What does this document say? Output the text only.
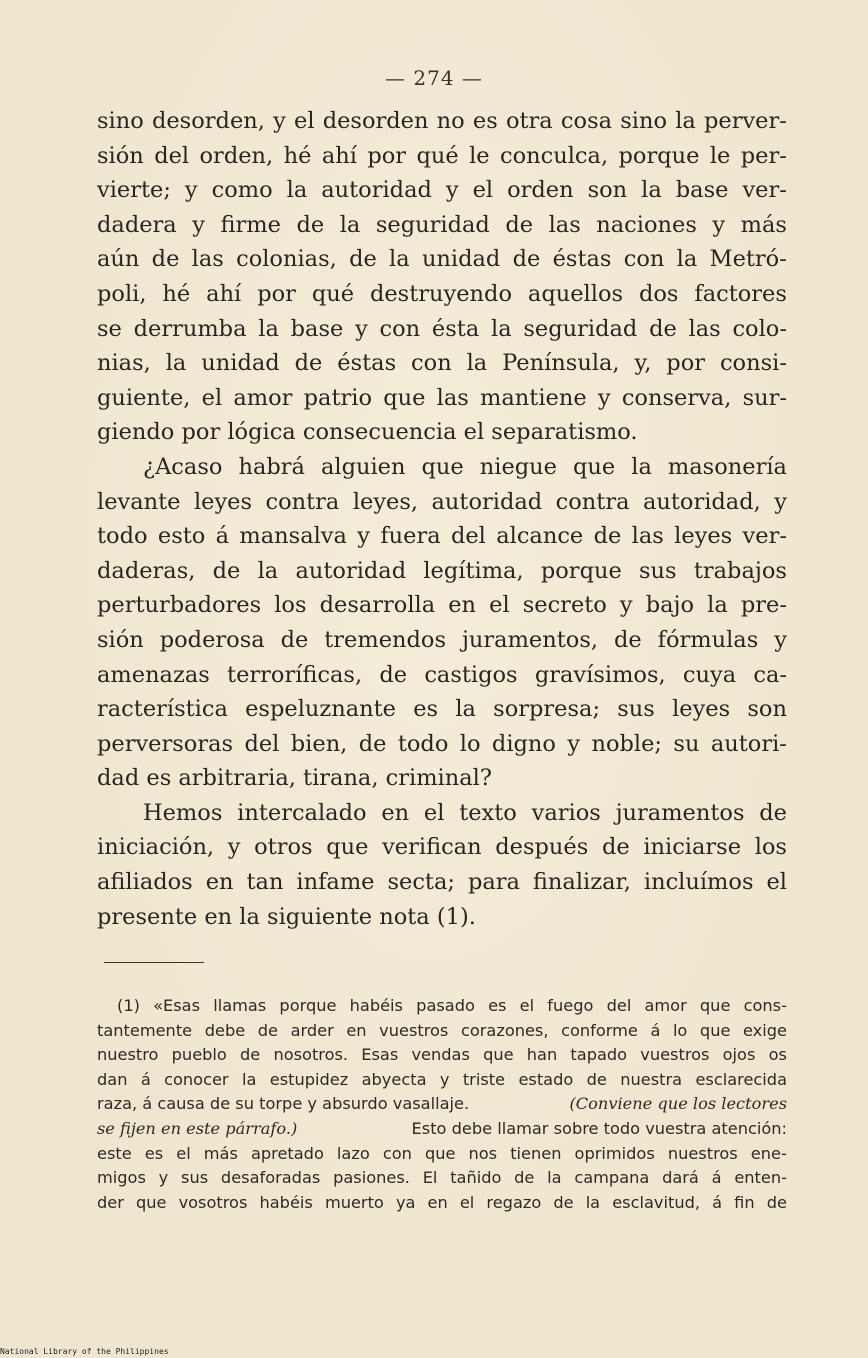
— 274 —
sino desorden, y el desorden no es otra cosa sino la perver-
sión del orden, hé ahí por qué le conculca, porque le per-
vierte; y como la autoridad y el orden son la base ver-
dadera y firme de la seguridad de las naciones y más
aún de las colonias, de la unidad de éstas con la Metró-
poli, hé ahí por qué destruyendo aquellos dos factores
se derrumba la base y con ésta la seguridad de las colo-
nias, la unidad de éstas con la Península, y, por consi-
guiente, el amor patrio que las mantiene y conserva, sur-
giendo por lógica consecuencia el separatismo.
¿Acaso habrá alguien que niegue que la masonería
levante leyes contra leyes, autoridad contra autoridad, y
todo esto á mansalva y fuera del alcance de las leyes ver-
daderas, de la autoridad legítima, porque sus trabajos
perturbadores los desarrolla en el secreto y bajo la pre-
sión poderosa de tremendos juramentos, de fórmulas y
amenazas terroríficas, de castigos gravísimos, cuya ca-
racterística espeluznante es la sorpresa; sus leyes son
perversoras del bien, de todo lo digno y noble; su autori-
dad es arbitraria, tirana, criminal?
Hemos intercalado en el texto varios juramentos de
iniciación, y otros que verifican después de iniciarse los
afiliados en tan infame secta; para finalizar, incluímos el
presente en la siguiente nota (1).
(1) «Esas llamas porque habéis pasado es el fuego del amor que cons-
tantemente debe de arder en vuestros corazones, conforme á lo que exige
nuestro pueblo de nosotros. Esas vendas que han tapado vuestros ojos os
dan á conocer la estupidez abyecta y triste estado de nuestra esclarecida
raza, á causa de su torpe y absurdo vasallaje.	(Conviene que los lectores
se fijen en este párrafo.)	Esto debe llamar sobre todo vuestra atención:
este es el más apretado lazo con que nos tienen oprimidos nuestros ene-
migos y sus desaforadas pasiones. El tañido de la campana dará á enten-
der que vosotros habéis muerto ya en el regazo de la esclavitud, á fin de
National Library of the Philippines
